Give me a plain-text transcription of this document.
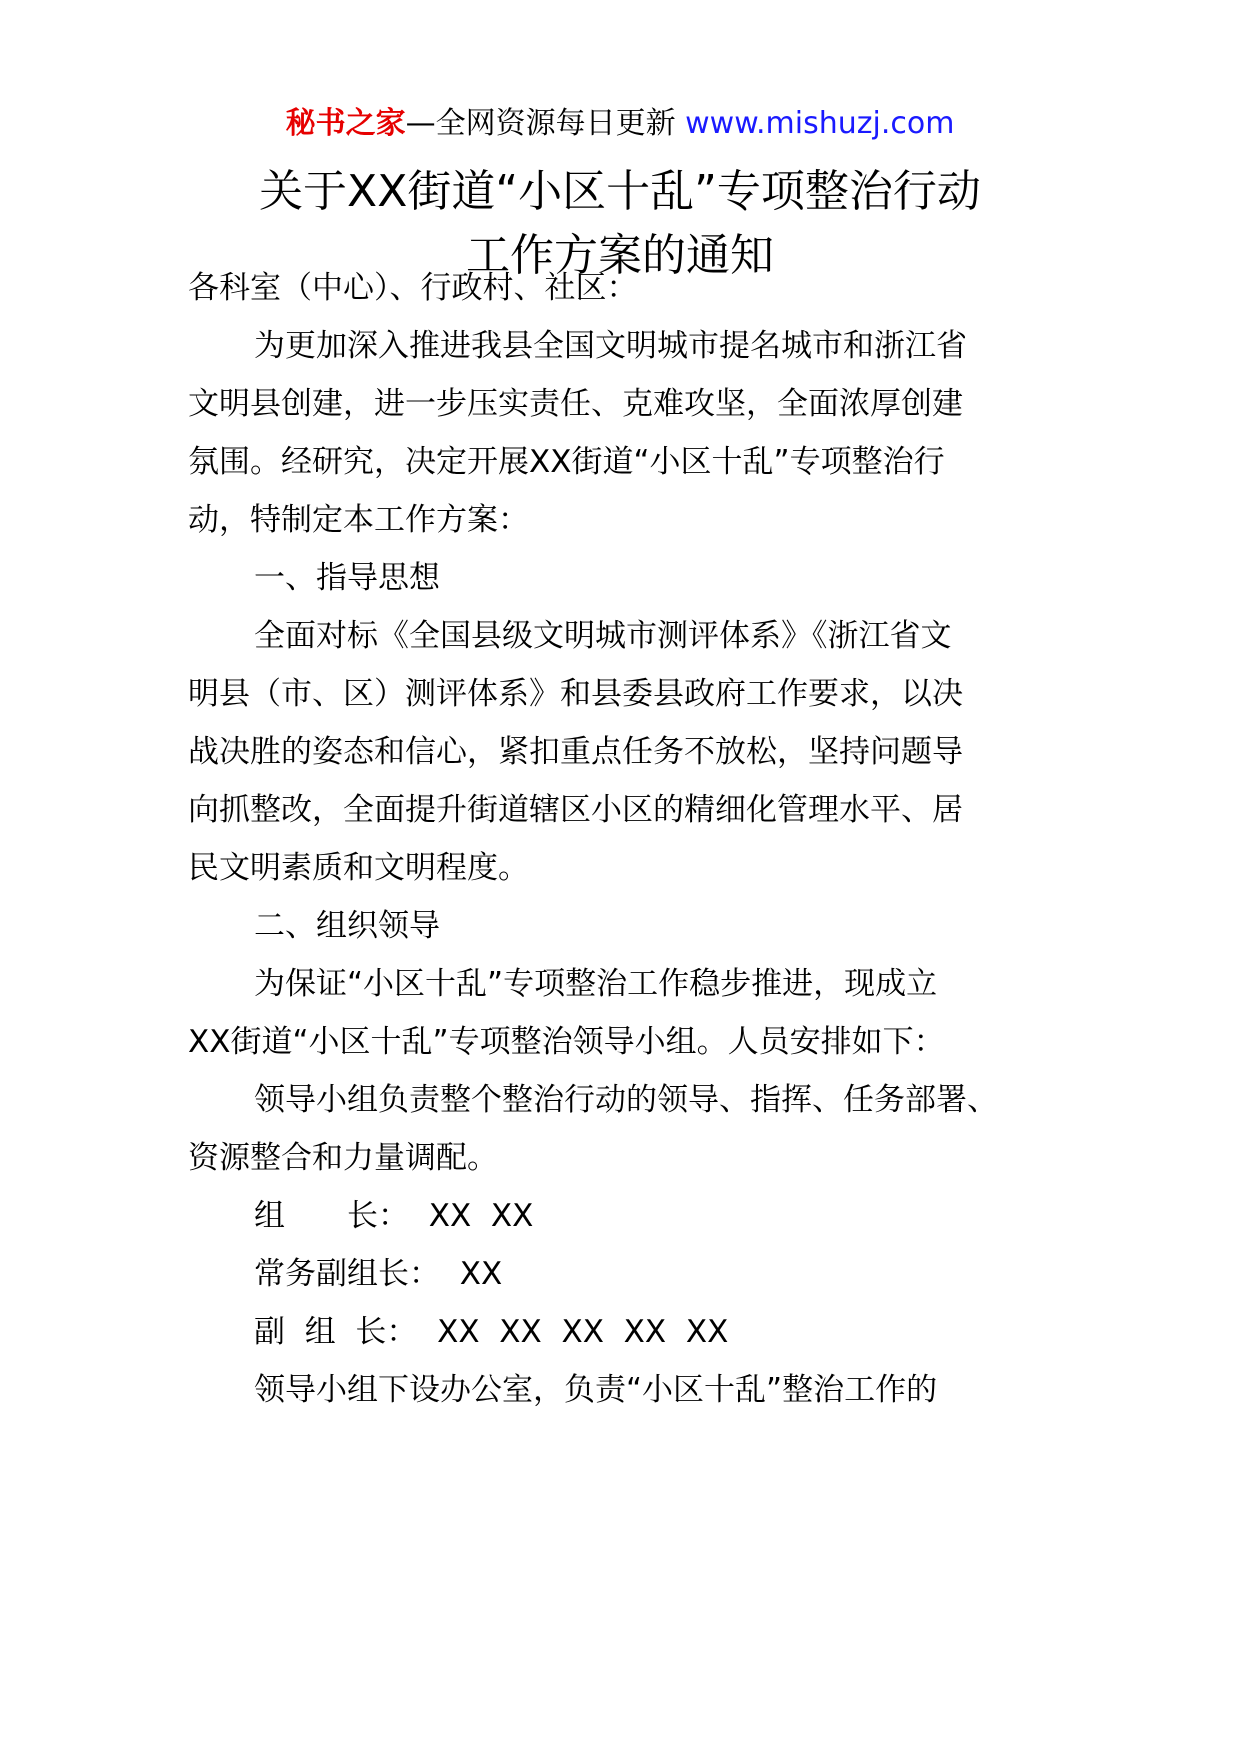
秘书之家—全网资源每日更新 www.mishuzj.com
关于XX街道“小区十乱”专项整治行动
工作方案的通知
各科室（中心）、行政村、社区：
为更加深入推进我县全国文明城市提名城市和浙江省
文明县创建，进一步压实责任、克难攻坚，全面浓厚创建
氛围。经研究，决定开展XX街道“小区十乱”专项整治行
动，特制定本工作方案：
一、指导思想
全面对标《全国县级文明城市测评体系》《浙江省文
明县（市、区）测评体系》和县委县政府工作要求，以决
战决胜的姿态和信心，紧扣重点任务不放松，坚持问题导
向抓整改，全面提升街道辖区小区的精细化管理水平、居
民文明素质和文明程度。
二、组织领导
为保证“小区十乱”专项整治工作稳步推进，现成立
XX街道“小区十乱”专项整治领导小组。人员安排如下：
领导小组负责整个整治行动的领导、指挥、任务部署、
资源整合和力量调配。
组　　长：  XX  XX
常务副组长：  XX
副  组  长：  XX  XX  XX  XX  XX
领导小组下设办公室，负责“小区十乱”整治工作的
